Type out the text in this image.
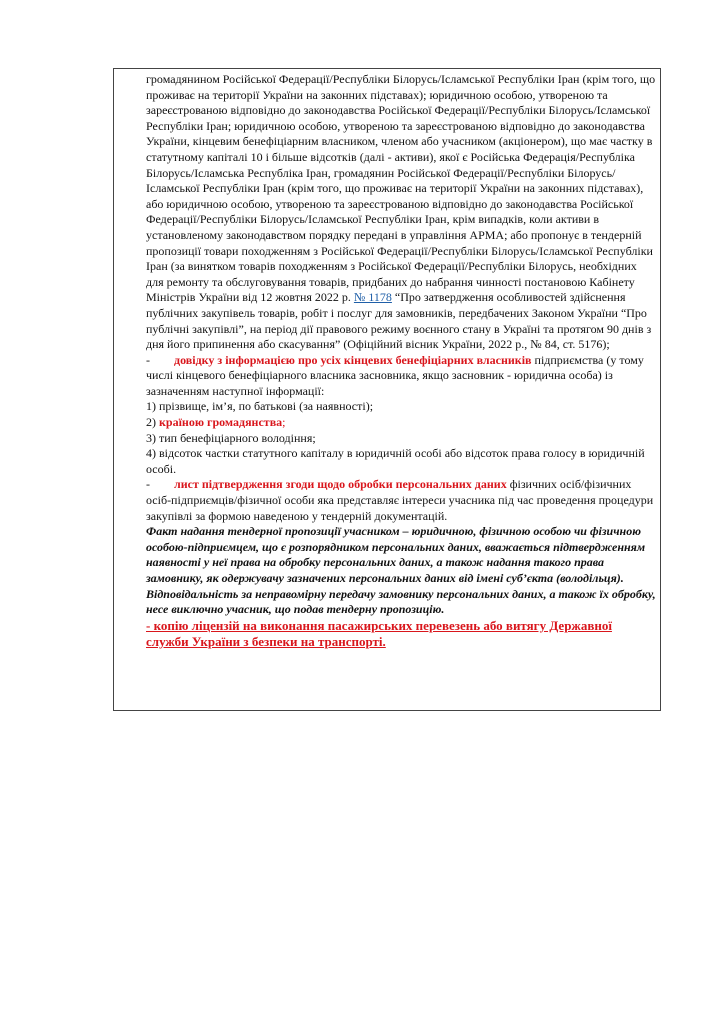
громадянином Російської Федерації/Республіки Білорусь/Ісламської Республіки Іран (крім того, що проживає на території України на законних підставах); юридичною особою, утвореною та зареєстрованою відповідно до законодавства Російської Федерації/Республіки Білорусь/Ісламської Республіки Іран; юридичною особою, утвореною та зареєстрованою відповідно до законодавства України, кінцевим бенефіціарним власником, членом або учасником (акціонером), що має частку в статутному капіталі 10 і більше відсотків (далі - активи), якої є Російська Федерація/Республіка Білорусь/Ісламська Республіка Іран, громадянин Російської Федерації/Республіки Білорусь/Ісламської Республіки Іран (крім того, що проживає на території України на законних підставах), або юридичною особою, утвореною та зареєстрованою відповідно до законодавства Російської Федерації/Республіки Білорусь/Ісламської Республіки Іран, крім випадків, коли активи в установленому законодавством порядку передані в управління АРМА; або пропонує в тендерній пропозиції товари походженням з Російської Федерації/Республіки Білорусь/Ісламської Республіки Іран (за винятком товарів походженням з Російської Федерації/Республіки Білорусь, необхідних для ремонту та обслуговування товарів, придбаних до набрання чинності постановою Кабінету Міністрів України від 12 жовтня 2022 р. № 1178 “Про затвердження особливостей здійснення публічних закупівель товарів, робіт і послуг для замовників, передбачених Законом України “Про публічні закупівлі”, на період дії правового режиму воєнного стану в Україні та протягом 90 днів з дня його припинення або скасування” (Офіційний вісник України, 2022 р., № 84, ст. 5176);

- довідку з інформацією про усіх кінцевих бенефіціарних власників підприємства (у тому числі кінцевого бенефіціарного власника засновника, якщо засновник - юридична особа) із зазначенням наступної інформації:

1) прізвище, ім’я, по батькові (за наявності);

2) країною громадянства;

3) тип бенефіціарного володіння;

4) відсоток частки статутного капіталу в юридичній особі або відсоток права голосу в юридичній особі.

- лист підтвердження згоди щодо обробки персональних даних фізичних осіб/фізичних осіб-підприємців/фізичної особи яка представляє інтереси учасника під час проведення процедури закупівлі за формою наведеною у тендерній документацій.

Факт надання тендерної пропозиції учасником – юридичною, фізичною особою чи фізичною особою-підприємцем, що є розпорядником персональних даних, вважається підтвердженням наявності у неї права на обробку персональних даних, а також надання такого права замовнику, як одержувачу зазначених персональних даних від імені суб’єкта (володільця). Відповідальність за неправомірну передачу замовнику персональних даних, а також їх обробку, несе виключно учасник, що подав тендерну пропозицію.

- копію ліцензій на виконання пасажирських перевезень або витягу Державної служби України з безпеки на транспорті.
